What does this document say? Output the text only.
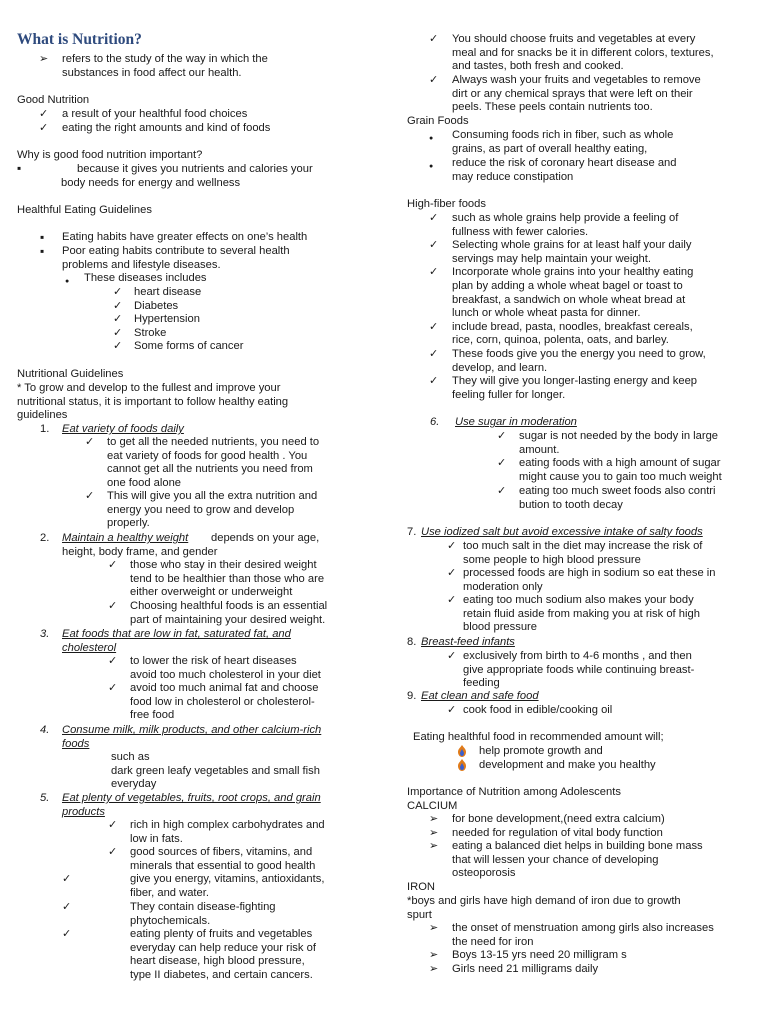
What is Nutrition?
➢ refers to the study of the way in which the
substances in food affect our health.
Good Nutrition
✓ a result of your healthful food choices
✓ eating the right amounts and kind of foods
Why is good food nutrition important?
▪	because it gives you nutrients and calories your
body needs for energy and wellness
Healthful Eating Guidelines
▪ Eating habits have greater effects on one’s health
▪ Poor eating habits contribute to several health
problems and lifestyle diseases.
● These diseases includes
✓ heart disease
✓ Diabetes
✓ Hypertension
✓ Stroke
✓ Some forms of cancer
Nutritional Guidelines
* To grow and develop to the fullest and improve your
nutritional status, it is important to follow healthy eating
guidelines
1. Eat variety of foods daily
✓ to get all the needed nutrients, you need to
eat variety of foods for good health . You
cannot get all the nutrients you need from
one food alone
✓ This will give you all the extra nutrition and
energy you need to grow and develop
properly.
2. Maintain a healthy weight depends on your age,
height, body frame, and gender
✓ those who stay in their desired weight
tend to be healthier than those who are
either overweight or underweight
✓ Choosing healthful foods is an essential
part of maintaining your desired weight.
3. Eat foods that are low in fat, saturated fat, and
cholesterol
✓ to lower the risk of heart diseases
avoid too much cholesterol in your diet
✓ avoid too much animal fat and choose
food low in cholesterol or cholesterol-
free food
4. Consume milk, milk products, and other calcium-rich
foods
such as
dark green leafy vegetables and small fish
everyday
5. Eat plenty of vegetables, fruits, root crops, and grain
products
✓ rich in high complex carbohydrates and
low in fats.
✓ good sources of fibers, vitamins, and
minerals that essential to good health
✓	give you energy, vitamins, antioxidants,
fiber, and water.
✓	They contain disease-fighting
phytochemicals.
✓	eating plenty of fruits and vegetables
everyday can help reduce your risk of
heart disease, high blood pressure,
type II diabetes, and certain cancers.
✓ You should choose fruits and vegetables at every
meal and for snacks be it in different colors, textures,
and tastes, both fresh and cooked.
✓ Always wash your fruits and vegetables to remove
dirt or any chemical sprays that were left on their
peels. These peels contain nutrients too.
Grain Foods
● Consuming foods rich in fiber, such as whole
grains, as part of overall healthy eating,
● reduce the risk of coronary heart disease and
may reduce constipation
High-fiber foods
✓ such as whole grains help provide a feeling of
fullness with fewer calories.
✓ Selecting whole grains for at least half your daily
servings may help maintain your weight.
✓ Incorporate whole grains into your healthy eating
plan by adding a whole wheat bagel or toast to
breakfast, a sandwich on whole wheat bread at
lunch or whole wheat pasta for dinner.
✓ include bread, pasta, noodles, breakfast cereals,
rice, corn, quinoa, polenta, oats, and barley.
✓ These foods give you the energy you need to grow,
develop, and learn.
✓ They will give you longer-lasting energy and keep
feeling fuller for longer.
6. Use sugar in moderation
✓ sugar is not needed by the body in large
amount.
✓ eating foods with a high amount of sugar
might cause you to gain too much weight
✓ eating too much sweet foods also contri
bution to tooth decay
7. Use iodized salt but avoid excessive intake of salty foods
✓ too much salt in the diet may increase the risk of
some people to high blood pressure
✓ processed foods are high in sodium so eat these in
moderation only
✓ eating too much sodium also makes your body
retain fluid aside from making you at risk of high
blood pressure
8. Breast-feed infants
✓ exclusively from birth to 4-6 months , and then
give appropriate foods while continuing breast-
feeding
9. Eat clean and safe food
✓ cook food in edible/cooking oil
Eating healthful food in recommended amount will;
help promote growth and
development and make you healthy
Importance of Nutrition among Adolescents
CALCIUM
➢ for bone development,(need extra calcium)
➢ needed for regulation of vital body function
➢ eating a balanced diet helps in building bone mass
that will lessen your chance of developing
osteoporosis
IRON
*boys and girls have high demand of iron due to growth
spurt
➢ the onset of menstruation among girls also increases
the need for iron
➢ Boys 13-15 yrs need 20 milligram s
➢ Girls need 21 milligrams daily
